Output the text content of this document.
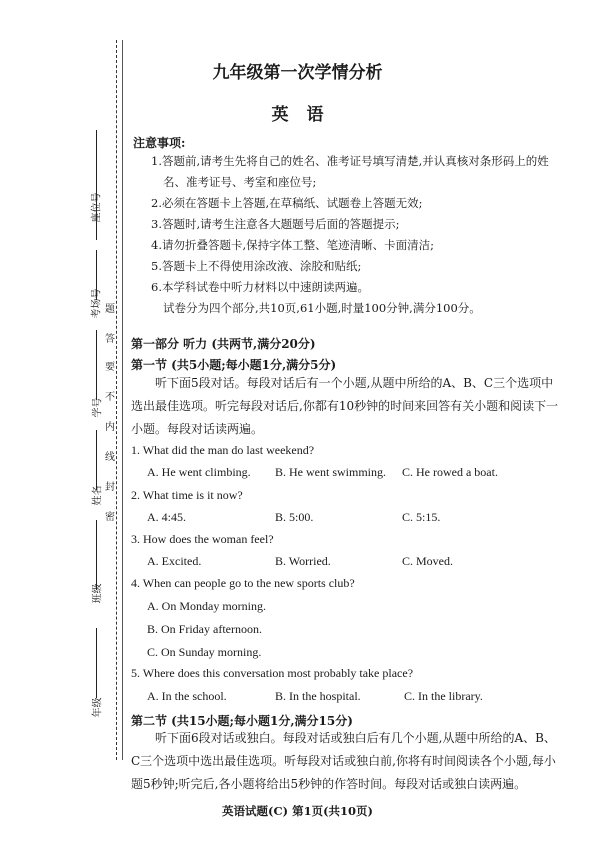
座位号
考场号
学号
姓名
班级
年级
题
答
要
不
内
线
封
密
九年级第一次学情分析
英语
注意事项:
1.答题前,请考生先将自己的姓名、准考证号填写清楚,并认真核对条形码上的姓
名、准考证号、考室和座位号;
2.必须在答题卡上答题,在草稿纸、试题卷上答题无效;
3.答题时,请考生注意各大题题号后面的答题提示;
4.请勿折叠答题卡,保持字体工整、笔迹清晰、卡面清洁;
5.答题卡上不得使用涂改液、涂胶和贴纸;
6.本学科试卷中听力材料以中速朗读两遍。
试卷分为四个部分,共10页,61小题,时量100分钟,满分100分。
第一部分 听力 (共两节,满分20分)
第一节 (共5小题;每小题1分,满分5分)
听下面5段对话。每段对话后有一个小题,从题中所给的A、B、C三个选项中选出最佳选项。听完每段对话后,你都有10秒钟的时间来回答有关小题和阅读下一小题。每段对话读两遍。
1. What did the man do last weekend?
A. He went climbing. B. He went swimming. C. He rowed a boat.
2. What time is it now?
A. 4:45.	B. 5:00.	C. 5:15.
3. How does the woman feel?
A. Excited.	B. Worried.	C. Moved.
4. When can people go to the new sports club?
A. On Monday morning.
B. On Friday afternoon.
C. On Sunday morning.
5. Where does this conversation most probably take place?
A. In the school.	B. In the hospital.	C. In the library.
第二节 (共15小题;每小题1分,满分15分)
听下面6段对话或独白。每段对话或独白后有几个小题,从题中所给的A、B、C三个选项中选出最佳选项。听每段对话或独白前,你将有时间阅读各个小题,每小题5秒钟;听完后,各小题将给出5秒钟的作答时间。每段对话或独白读两遍。
英语试题(C) 第1页(共10页)
